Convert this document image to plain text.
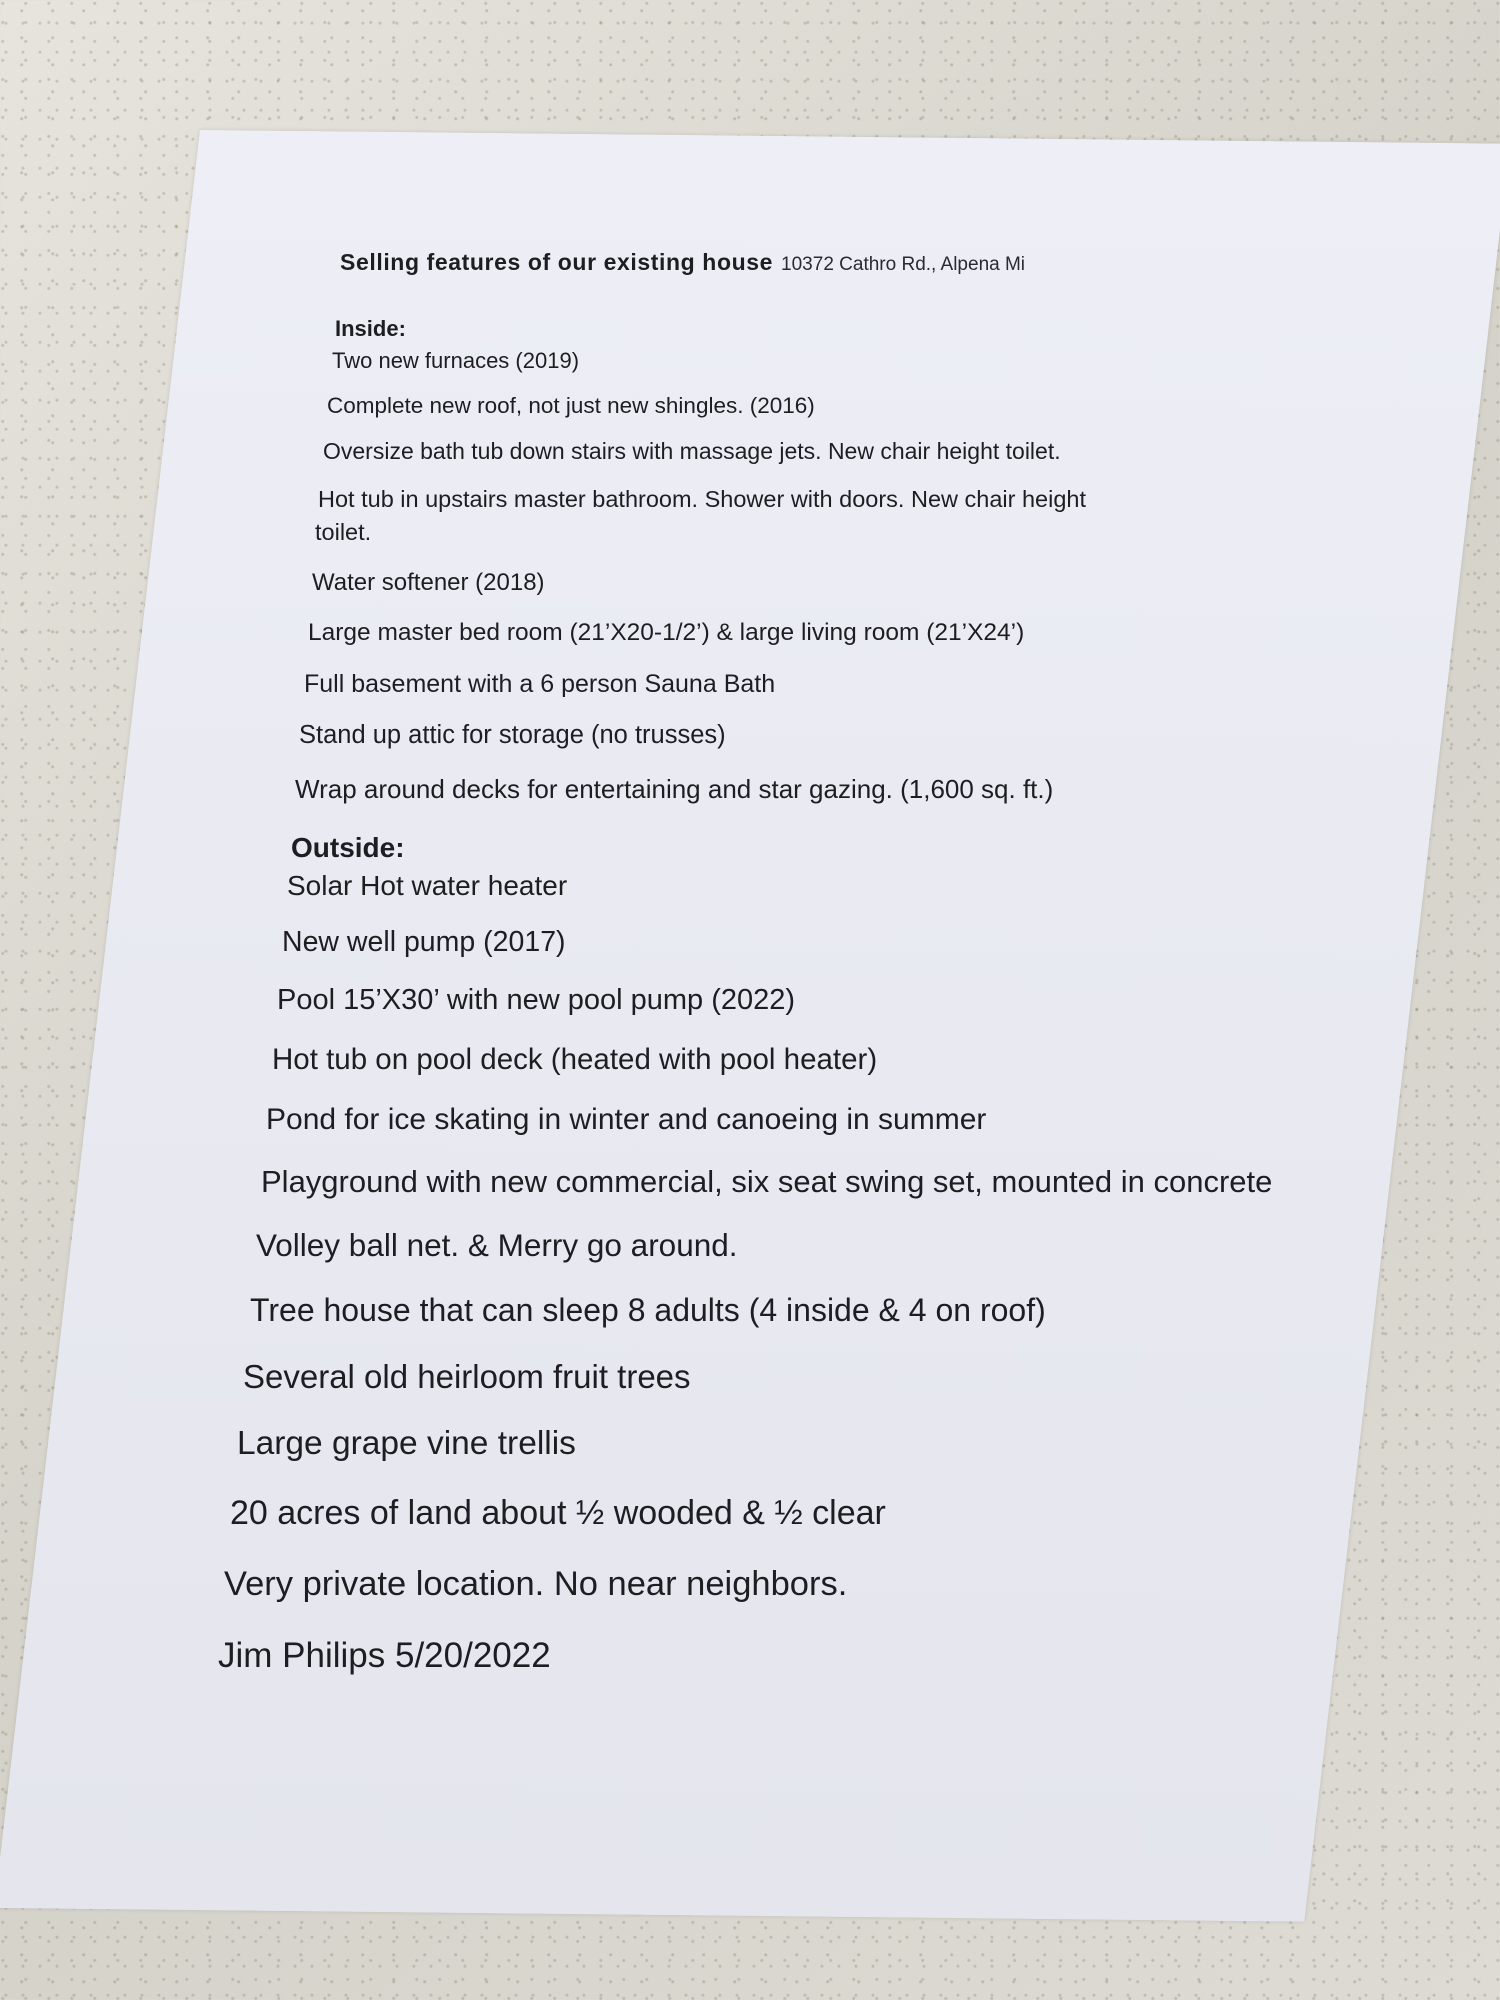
Selling features of our existing house 10372 Cathro Rd., Alpena Mi
Inside:
Two new furnaces (2019)
Complete new roof, not just new shingles. (2016)
Oversize bath tub down stairs with massage jets. New chair height toilet.
Hot tub in upstairs master bathroom. Shower with doors. New chair height
toilet.
Water softener (2018)
Large master bed room (21’X20-1/2’) & large living room (21’X24’)
Full basement with a 6 person Sauna Bath
Stand up attic for storage (no trusses)
Wrap around decks for entertaining and star gazing. (1,600 sq. ft.)
Outside:
Solar Hot water heater
New well pump (2017)
Pool 15’X30’ with new pool pump (2022)
Hot tub on pool deck (heated with pool heater)
Pond for ice skating in winter and canoeing in summer
Playground with new commercial, six seat swing set, mounted in concrete
Volley ball net. & Merry go around.
Tree house that can sleep 8 adults (4 inside & 4 on roof)
Several old heirloom fruit trees
Large grape vine trellis
20 acres of land about ½ wooded & ½ clear
Very private location. No near neighbors.
Jim Philips 5/20/2022
